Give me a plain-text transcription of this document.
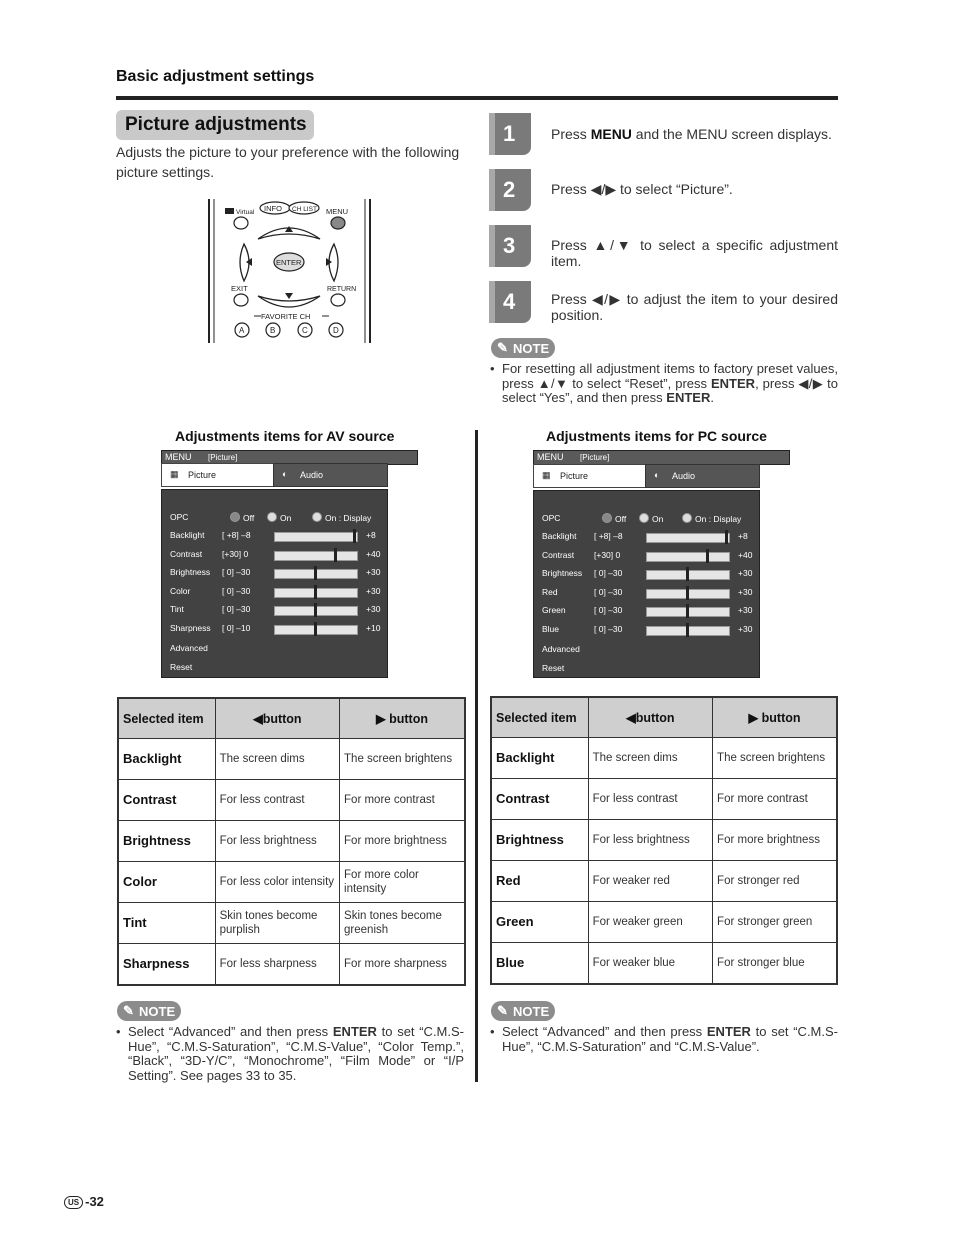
Basic adjustment settings
Picture adjustments
Adjusts the picture to your preference with the following picture settings.
Virtual INFO CH LIST MENU
ENTER
EXIT	RETURN
FAVORITE CH
A	B	C	D
1	Press MENU and the MENU screen displays.
2	Press ◀/▶ to select “Picture”.
3	Press ▲/▼ to select a specific adjustment item.
4	Press ◀/▶ to adjust the item to your desired position.
✎ NOTE
• For resetting all adjustment items to factory preset values, press ▲/▼ to select “Reset”, press ENTER, press ◀/▶ to select “Yes”, and then press ENTER.
Adjustments items for AV source
MENU [Picture]
▦ Picture	◐ Audio
OPC	Off	On	On : Display
Backlight [ +8] –8	+8
Contrast [+30] 0	+40
Brightness [ 0] –30	+30
Color	[ 0] –30	+30
Tint	[ 0] –30	+30
Sharpness [ 0] –10	+10
Advanced
Reset
Selected item	◀button	▶ button
Backlight	The screen dims	The screen brightens
Contrast	For less contrast	For more contrast
Brightness	For less brightness	For more brightness
Color	For less color intensity	For more color intensity
Tint	Skin tones become purplish	Skin tones become greenish
Sharpness	For less sharpness	For more sharpness
✎ NOTE
• Select “Advanced” and then press ENTER to set “C.M.S-Hue”, “C.M.S-Saturation”, “C.M.S-Value”, “Color Temp.”, “Black”, “3D-Y/C”, “Monochrome”, “Film Mode” or “I/P Setting”. See pages 33 to 35.
Adjustments items for PC source
MENU [Picture]
▦ Picture	◐ Audio
OPC	Off	On	On : Display
Backlight [ +8] –8	+8
Contrast [+30] 0	+40
Brightness [ 0] –30	+30
Red	[ 0] –30	+30
Green	[ 0] –30	+30
Blue	[ 0] –30	+30
Advanced
Reset
Selected item	◀button	▶ button
Backlight	The screen dims	The screen brightens
Contrast	For less contrast	For more contrast
Brightness	For less brightness	For more brightness
Red	For weaker red	For stronger red
Green	For weaker green	For stronger green
Blue	For weaker blue	For stronger blue
✎ NOTE
• Select “Advanced” and then press ENTER to set “C.M.S-Hue”, “C.M.S-Saturation” and “C.M.S-Value”.
US -32
